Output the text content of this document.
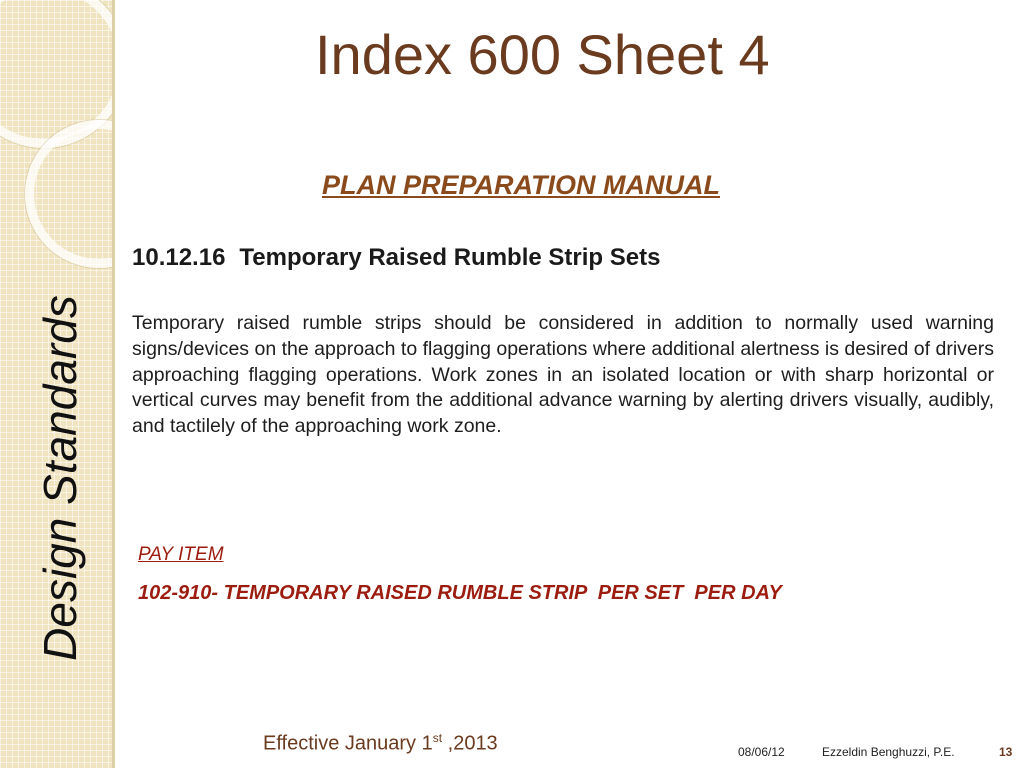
Design Standards
Index 600 Sheet 4
PLAN PREPARATION MANUAL
10.12.16 Temporary Raised Rumble Strip Sets
Temporary raised rumble strips should be considered in addition to normally used warning signs/devices on the approach to flagging operations where additional alertness is desired of drivers approaching flagging operations. Work zones in an isolated location or with sharp horizontal or vertical curves may benefit from the additional advance warning by alerting drivers visually, audibly, and tactilely of the approaching work zone.
PAY ITEM
102-910- TEMPORARY RAISED RUMBLE STRIP  PER SET  PER DAY
Effective January 1st ,2013	08/06/12	Ezzeldin Benghuzzi, P.E.	13
